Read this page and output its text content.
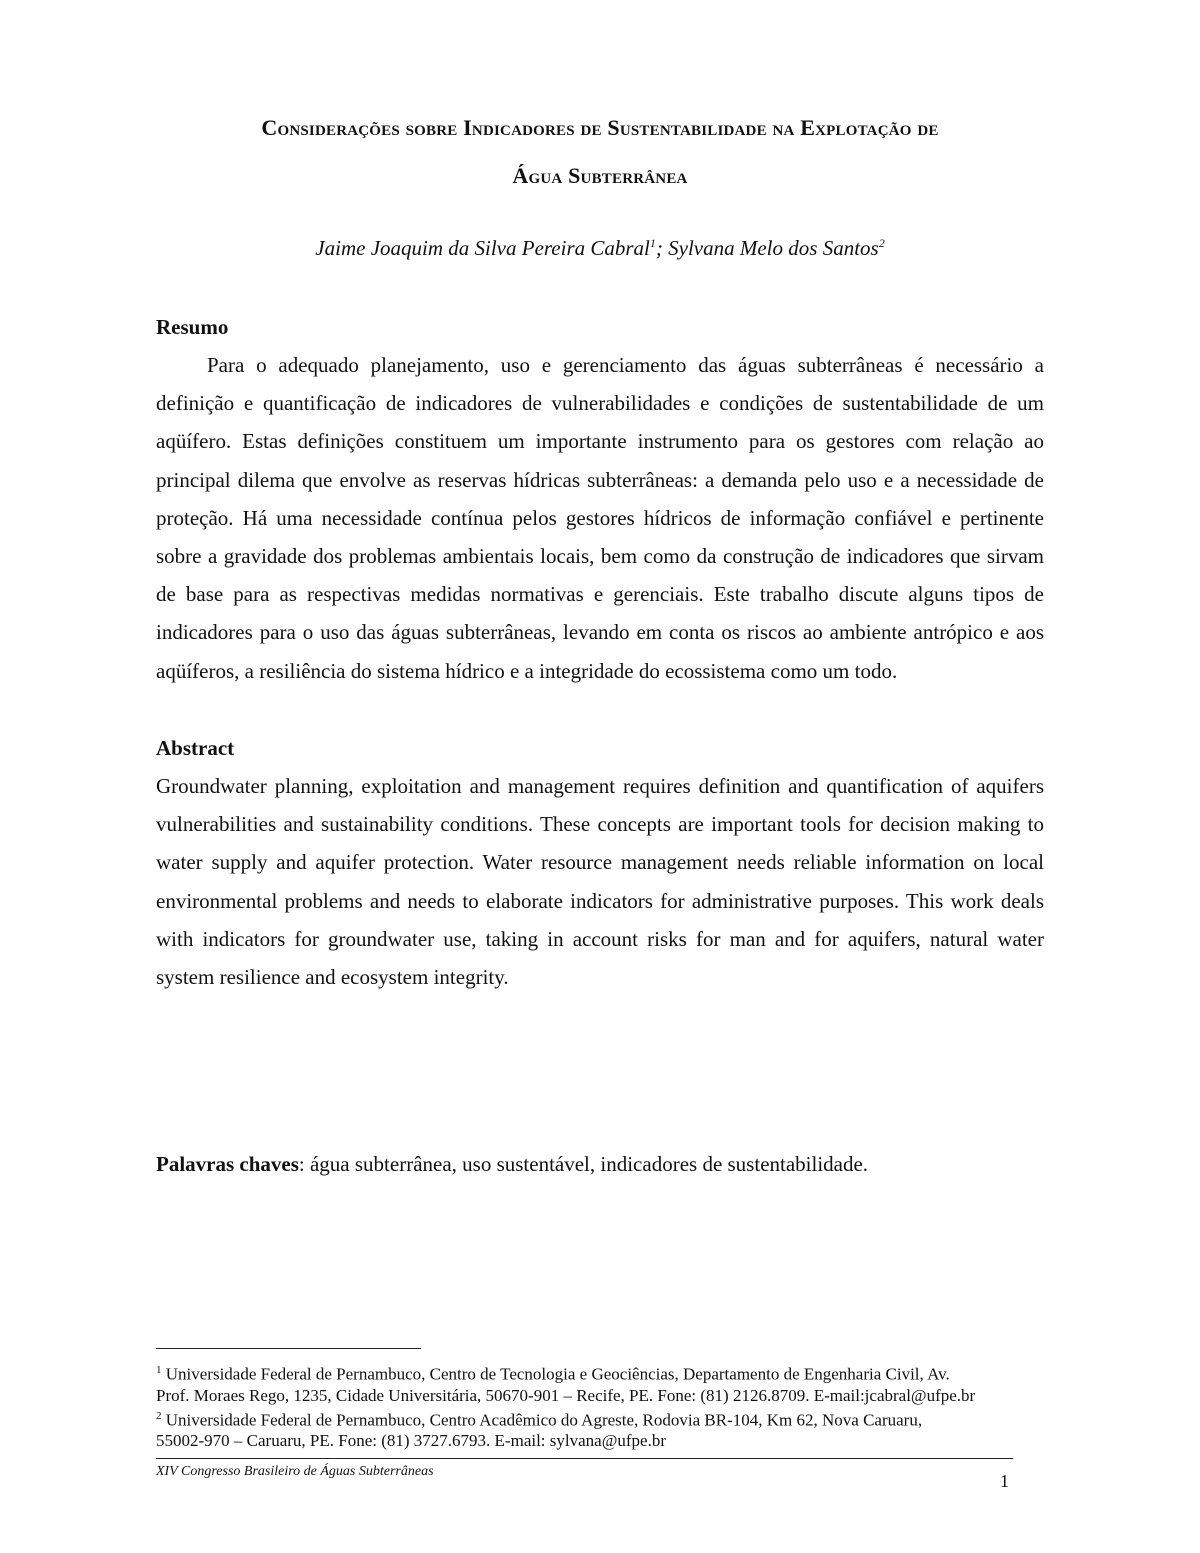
Considerações sobre Indicadores de Sustentabilidade na Explotação de
Água Subterrânea
Jaime Joaquim da Silva Pereira Cabral$^1$; Sylvana Melo dos Santos$^2$
Resumo

Para o adequado planejamento, uso e gerenciamento das águas subterrâneas é necessário a definição e quantificação de indicadores de vulnerabilidades e condições de sustentabilidade de um aqüífero. Estas definições constituem um importante instrumento para os gestores com relação ao principal dilema que envolve as reservas hídricas subterrâneas: a demanda pelo uso e a necessidade de proteção. Há uma necessidade contínua pelos gestores hídricos de informação confiável e pertinente sobre a gravidade dos problemas ambientais locais, bem como da construção de indicadores que sirvam de base para as respectivas medidas normativas e gerenciais. Este trabalho discute alguns tipos de indicadores para o uso das águas subterrâneas, levando em conta os riscos ao ambiente antrópico e aos aqüíferos, a resiliência do sistema hídrico e a integridade do ecossistema como um todo.

Abstract

Groundwater planning, exploitation and management requires definition and quantification of aquifers vulnerabilities and sustainability conditions. These concepts are important tools for decision making to water supply and aquifer protection. Water resource management needs reliable information on local environmental problems and needs to elaborate indicators for administrative purposes. This work deals with indicators for groundwater use, taking in account risks for man and for aquifers, natural water system resilience and ecosystem integrity.

Palavras chaves: água subterrânea, uso sustentável, indicadores de sustentabilidade.

$^1$ Universidade Federal de Pernambuco, Centro de Tecnologia e Geociências, Departamento de Engenharia Civil, Av.
Prof. Moraes Rego, 1235, Cidade Universitária, 50670-901 – Recife, PE. Fone: (81) 2126.8709. E-mail:jcabral@ufpe.br

$^2$ Universidade Federal de Pernambuco, Centro Acadêmico do Agreste, Rodovia BR-104, Km 62, Nova Caruaru,
55002-970 – Caruaru, PE. Fone: (81) 3727.6793. E-mail: sylvana@ufpe.br

XIV Congresso Brasileiro de Águas Subterrâneas	1
